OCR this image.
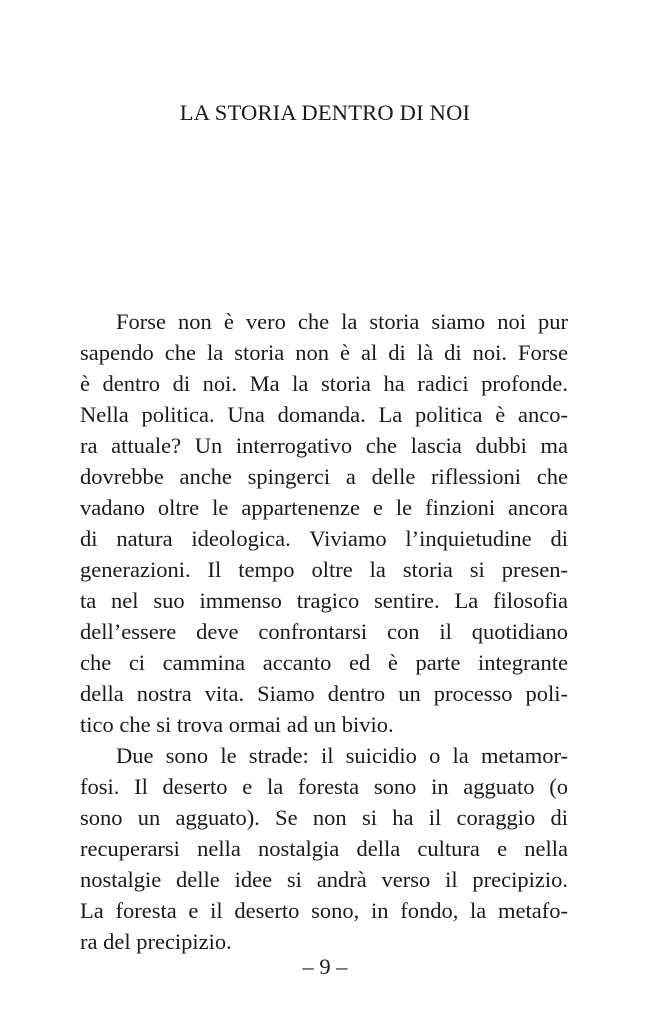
LA STORIA DENTRO DI NOI
Forse non è vero che la storia siamo noi pur
sapendo che la storia non è al di là di noi. Forse
è dentro di noi. Ma la storia ha radici profonde.
Nella politica. Una domanda. La politica è anco-
ra attuale? Un interrogativo che lascia dubbi ma
dovrebbe anche spingerci a delle riflessioni che
vadano oltre le appartenenze e le finzioni ancora
di natura ideologica. Viviamo l’inquietudine di
generazioni. Il tempo oltre la storia si presen-
ta nel suo immenso tragico sentire. La filosofia
dell’essere deve confrontarsi con il quotidiano
che ci cammina accanto ed è parte integrante
della nostra vita. Siamo dentro un processo poli-
tico che si trova ormai ad un bivio.
Due sono le strade: il suicidio o la metamor-
fosi. Il deserto e la foresta sono in agguato (o
sono un agguato). Se non si ha il coraggio di
recuperarsi nella nostalgia della cultura e nella
nostalgie delle idee si andrà verso il precipizio.
La foresta e il deserto sono, in fondo, la metafo-
ra del precipizio.
– 9 –
